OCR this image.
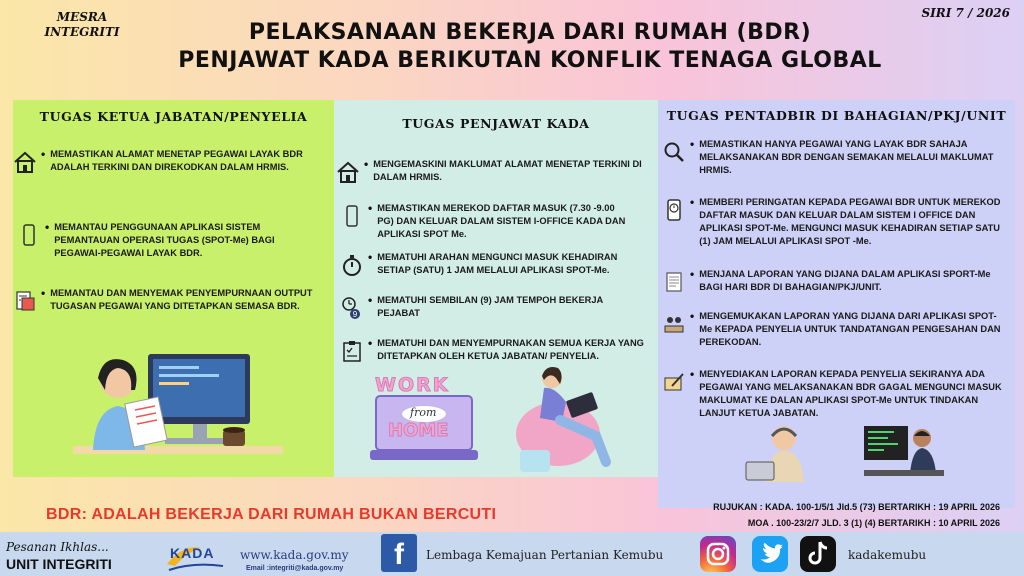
MESRA
INTEGRITI
SIRI 7 / 2026
PELAKSANAAN BEKERJA DARI RUMAH (BDR)
PENJAWAT KADA BERIKUTAN KONFLIK TENAGA GLOBAL
TUGAS KETUA JABATAN/PENYELIA
• MEMASTIKAN ALAMAT MENETAP PEGAWAI LAYAK BDR ADALAH TERKINI DAN DIREKODKAN DALAM HRMIS.
• MEMANTAU PENGGUNAAN APLIKASI SISTEM PEMANTAUAN OPERASI TUGAS (SPOT-Me) BAGI PEGAWAI-PEGAWAI LAYAK BDR.
• MEMANTAU DAN MENYEMAK PENYEMPURNAAN OUTPUT TUGASAN PEGAWAI YANG DITETAPKAN SEMASA BDR.
TUGAS PENJAWAT KADA
• MENGEMASKINI MAKLUMAT ALAMAT MENETAP TERKINI DI DALAM HRMIS.
• MEMASTIKAN MEREKOD DAFTAR MASUK (7.30 -9.00 PG) DAN KELUAR DALAM SISTEM I-OFFICE KADA DAN APLIKASI SPOT Me.
• MEMATUHI ARAHAN MENGUNCI MASUK KEHADIRAN SETIAP (SATU) 1 JAM MELALUI APLIKASI SPOT-Me.
9
• MEMATUHI SEMBILAN (9) JAM TEMPOH BEKERJA PEJABAT
• MEMATUHI DAN MENYEMPURNAKAN SEMUA KERJA YANG DITETAPKAN OLEH KETUA JABATAN/ PENYELIA.
WORK
from
HOME
TUGAS PENTADBIR DI BAHAGIAN/PKJ/UNIT
• MEMASTIKAN HANYA PEGAWAI YANG LAYAK BDR SAHAJA MELAKSANAKAN BDR DENGAN SEMAKAN MELALUI MAKLUMAT HRMIS.
• MEMBERI PERINGATAN KEPADA PEGAWAI BDR UNTUK MEREKOD DAFTAR MASUK DAN KELUAR DALAM SISTEM I OFFICE DAN APLIKASI SPOT-Me. MENGUNCI MASUK KEHADIRAN SETIAP SATU (1) JAM MELALUI APLIKASI SPOT -Me.
• MENJANA LAPORAN YANG DIJANA DALAM APLIKASI SPORT-Me BAGI HARI BDR DI BAHAGIAN/PKJ/UNIT.
• MENGEMUKAKAN LAPORAN YANG DIJANA DARI APLIKASI SPOT- Me KEPADA PENYELIA UNTUK TANDATANGAN PENGESAHAN DAN PEREKODAN.
• MENYEDIAKAN LAPORAN KEPADA PENYELIA SEKIRANYA ADA PEGAWAI YANG MELAKSANAKAN BDR GAGAL MENGUNCI MASUK MAKLUMAT KE DALAN APLIKASI SPOT-Me UNTUK TINDAKAN LANJUT KETUA JABATAN.
BDR: ADALAH BEKERJA DARI RUMAH BUKAN BERCUTI	RUJUKAN : KADA. 100-1/5/1 Jld.5 (73) BERTARIKH : 19 APRIL 2026
MOA . 100-23/2/7 JLD. 3 (1) (4) BERTARIKH : 10 APRIL 2026
Pesanan Ikhlas...
UNIT INTEGRITI
KADA www.kada.gov.my
Email :integriti@kada.gov.my	f	Lembaga Kemajuan Pertanian Kemubu	kadakemubu
